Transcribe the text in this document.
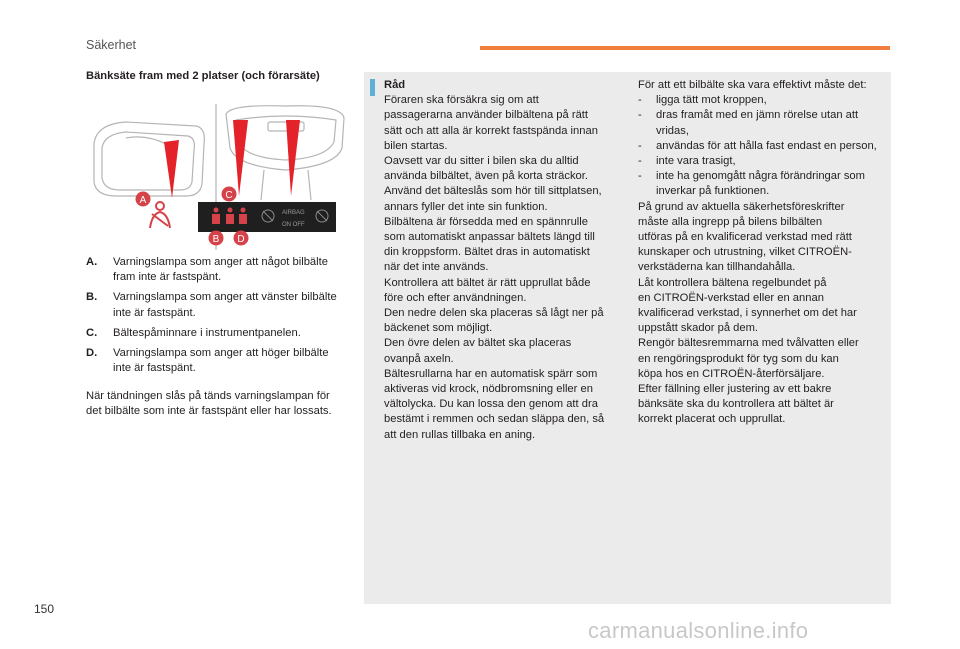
Säkerhet
Bänksäte fram med 2 platser (och förarsäte)
AIRBAG
ON OFF
A	C
B D
A.	Varningslampa som anger att något bilbälte fram inte är fastspänt.
B.	Varningslampa som anger att vänster bilbälte inte är fastspänt.
C.	Bältespåminnare i instrumentpanelen.
D.	Varningslampa som anger att höger bilbälte inte är fastspänt.
När tändningen slås på tänds varningslampan för det bilbälte som inte är fastspänt eller har lossats.
Råd
Föraren ska försäkra sig om att
passagerarna använder bilbältena på rätt
sätt och att alla är korrekt fastspända innan
bilen startas.
Oavsett var du sitter i bilen ska du alltid
använda bilbältet, även på korta sträckor.
Använd det bälteslås som hör till sittplatsen,
annars fyller det inte sin funktion.
Bilbältena är försedda med en spännrulle
som automatiskt anpassar bältets längd till
din kroppsform. Bältet dras in automatiskt
när det inte används.
Kontrollera att bältet är rätt upprullat både
före och efter användningen.
Den nedre delen ska placeras så lågt ner på
bäckenet som möjligt.
Den övre delen av bältet ska placeras
ovanpå axeln.
Bältesrullarna har en automatisk spärr som
aktiveras vid krock, nödbromsning eller en
vältolycka. Du kan lossa den genom att dra
bestämt i remmen och sedan släppa den, så
att den rullas tillbaka en aning.
För att ett bilbälte ska vara effektivt måste det:
-	ligga tätt mot kroppen,
-	dras framåt med en jämn rörelse utan att vridas,
-	användas för att hålla fast endast en person,
-	inte vara trasigt,
-	inte ha genomgått några förändringar som inverkar på funktionen.
På grund av aktuella säkerhetsföreskrifter
måste alla ingrepp på bilens bilbälten
utföras på en kvalificerad verkstad med rätt
kunskaper och utrustning, vilket CITROËN-
verkstäderna kan tillhandahålla.
Låt kontrollera bältena regelbundet på
en CITROËN-verkstad eller en annan
kvalificerad verkstad, i synnerhet om det har
uppstått skador på dem.
Rengör bältesremmarna med tvålvatten eller
en rengöringsprodukt för tyg som du kan
köpa hos en CITROËN-återförsäljare.
Efter fällning eller justering av ett bakre
bänksäte ska du kontrollera att bältet är
korrekt placerat och upprullat.
150
carmanualsonline.info
